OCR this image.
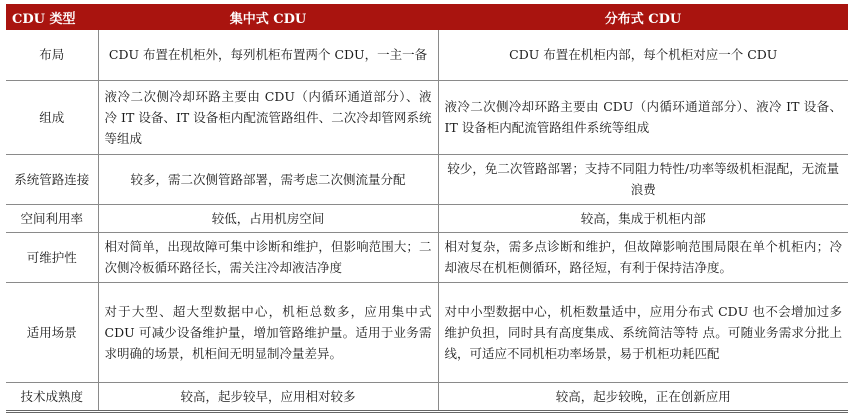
CDU 类型	集中式 CDU	分布式 CDU
布局	CDU 布置在机柜外，每列机柜布置两个 CDU，一主一备	CDU 布置在机柜内部，每个机柜对应一个 CDU
组成	液冷二次侧冷却环路主要由 CDU（内循环通道部分）、液冷 IT 设备、IT 设备柜内配流管路组件、二次冷却管网系统等组成	液冷二次侧冷却环路主要由 CDU（内循环通道部分）、液冷 IT 设备、IT 设备柜内配流管路组件系统等组成
系统管路连接	较多，需二次侧管路部署，需考虑二次侧流量分配	较少，免二次管路部署；支持不同阻力特性/功率等级机柜混配，无流量浪费
空间利用率	较低，占用机房空间	较高，集成于机柜内部
可维护性	相对简单，出现故障可集中诊断和维护，但影响范围大；二次侧冷板循环路径长，需关注冷却液洁净度	相对复杂，需多点诊断和维护，但故障影响范围局限在单个机柜内；冷却液尽在机柜侧循环，路径短，有利于保持洁净度。
适用场景	对于大型、超大型数据中心，机柜总数多，应用集中式 CDU 可减少设备维护量，增加管路维护量。适用于业务需求明确的场景，机柜间无明显制冷量差异。	对中小型数据中心，机柜数量适中，应用分布式 CDU 也不会增加过多维护负担，同时具有高度集成、系统简洁等特 点。可随业务需求分批上线，可适应不同机柜功率场景，易于机柜功耗匹配
技术成熟度	较高，起步较早，应用相对较多	较高，起步较晚，正在创新应用
